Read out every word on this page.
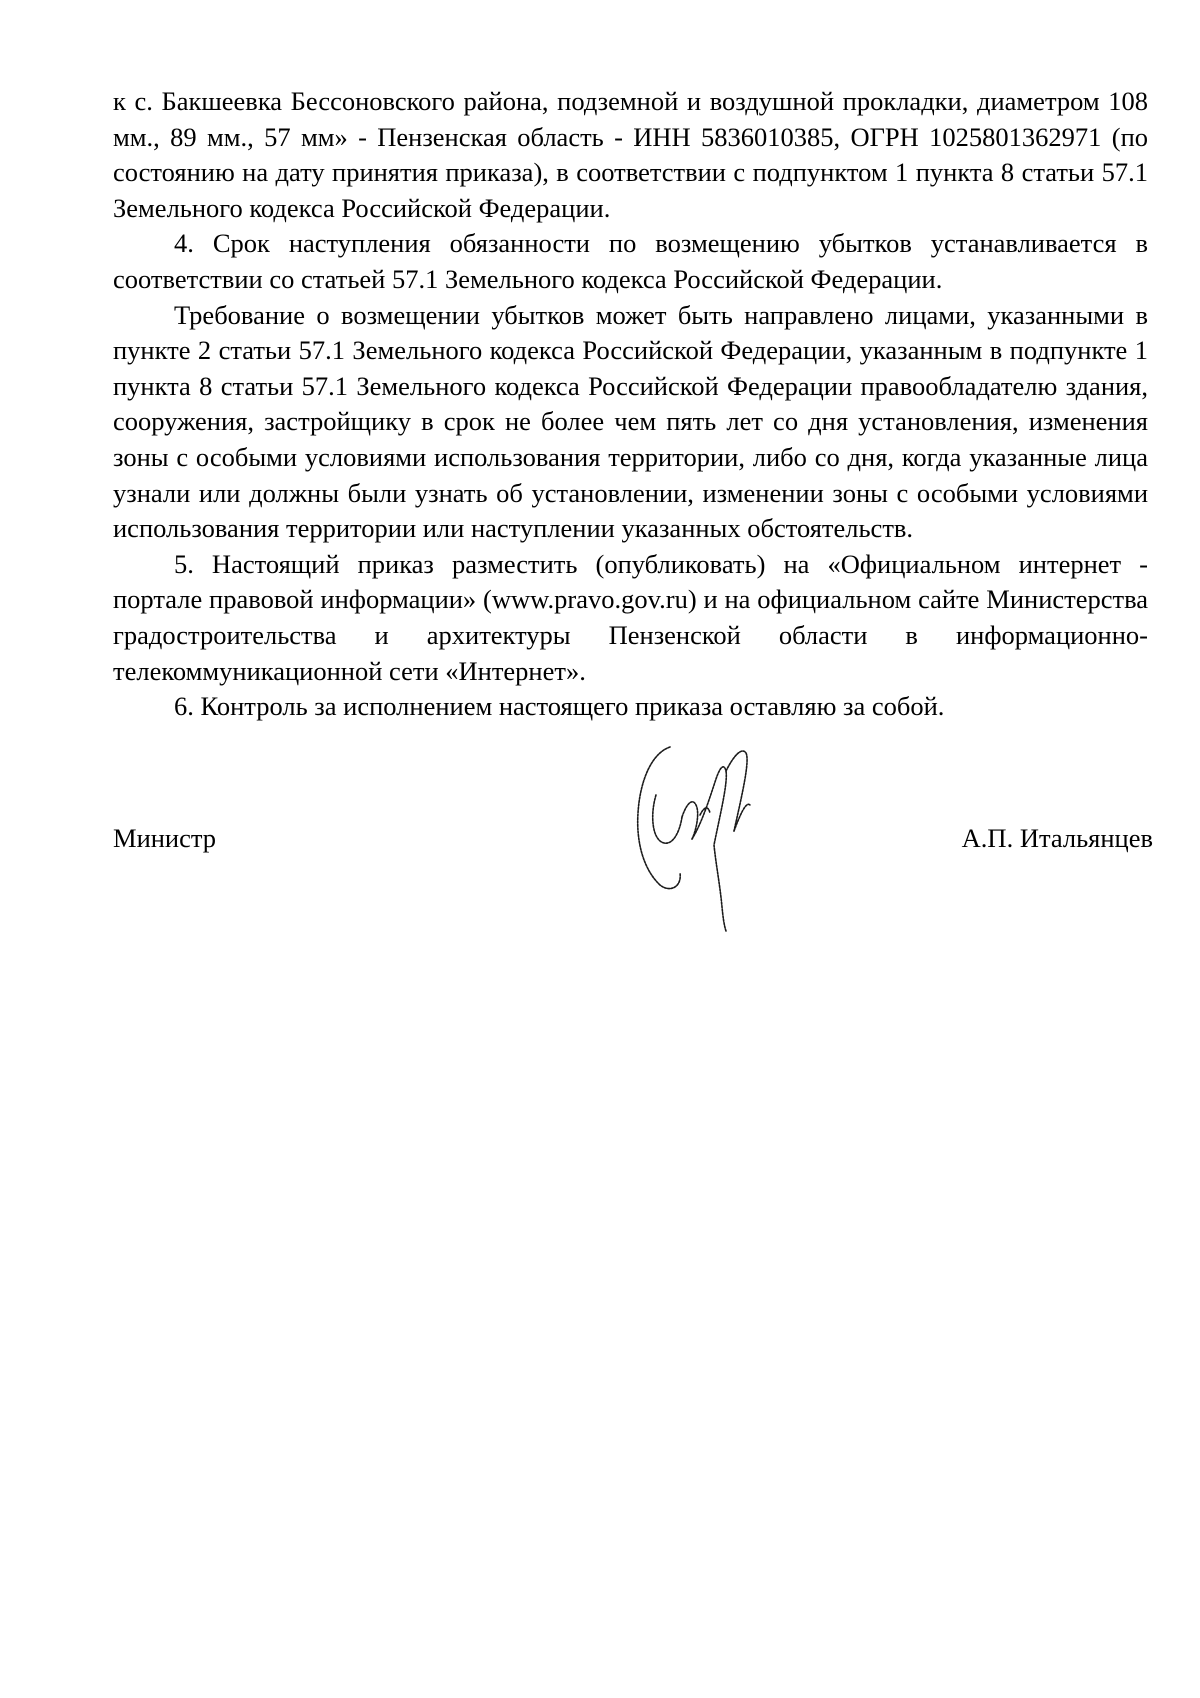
к с. Бакшеевка Бессоновского района, подземной и воздушной прокладки, диаметром 108 мм., 89 мм., 57 мм» - Пензенская область - ИНН 5836010385, ОГРН 1025801362971 (по состоянию на дату принятия приказа), в соответствии с подпунктом 1 пункта 8 статьи 57.1 Земельного кодекса Российской Федерации.

4. Срок наступления обязанности по возмещению убытков устанавливается в соответствии со статьей 57.1 Земельного кодекса Российской Федерации.

Требование о возмещении убытков может быть направлено лицами, указанными в пункте 2 статьи 57.1 Земельного кодекса Российской Федерации, указанным в подпункте 1 пункта 8 статьи 57.1 Земельного кодекса Российской Федерации правообладателю здания, сооружения, застройщику в срок не более чем пять лет со дня установления, изменения зоны с особыми условиями использования территории, либо со дня, когда указанные лица узнали или должны были узнать об установлении, изменении зоны с особыми условиями использования территории или наступлении указанных обстоятельств.

5. Настоящий приказ разместить (опубликовать) на «Официальном интернет - портале правовой информации» (www.pravo.gov.ru) и на официальном сайте Министерства градостроительства и архитектуры Пензенской области в информационно-телекоммуникационной сети «Интернет».

6. Контроль за исполнением настоящего приказа оставляю за собой.

Министр	А.П. Итальянцев
